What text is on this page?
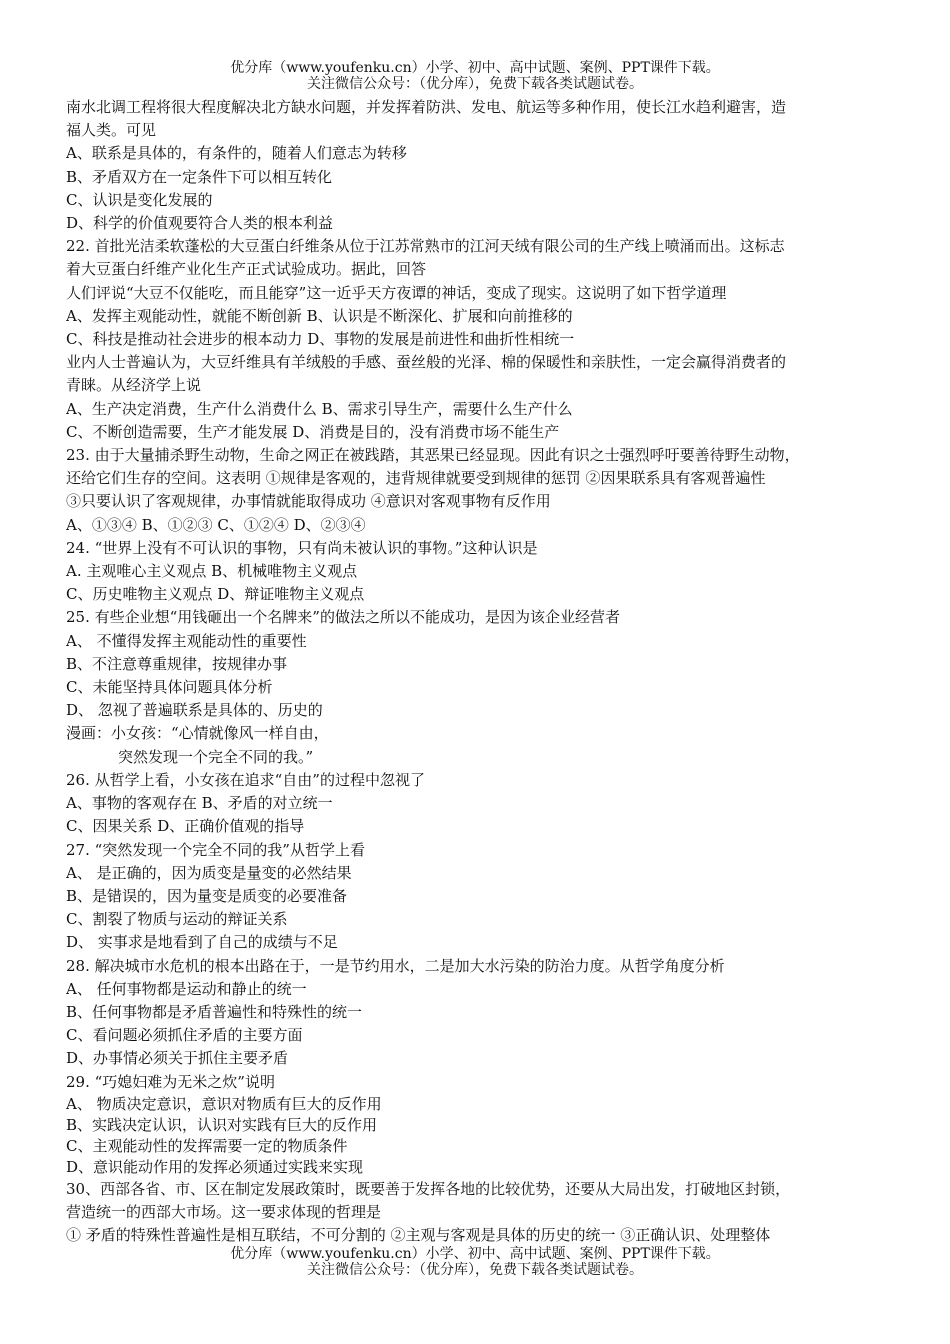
优分库（www.youfenku.cn）小学、初中、高中试题、案例、PPT课件下载。
关注微信公众号：（优分库），免费下载各类试题试卷。
南水北调工程将很大程度解决北方缺水问题，并发挥着防洪、发电、航运等多种作用，使长江水趋利避害，造
福人类。可见
A、联系是具体的，有条件的，随着人们意志为转移
B、矛盾双方在一定条件下可以相互转化
C、认识是变化发展的
D、科学的价值观要符合人类的根本利益
22. 首批光洁柔软蓬松的大豆蛋白纤维条从位于江苏常熟市的江河天绒有限公司的生产线上喷涌而出。这标志
着大豆蛋白纤维产业化生产正式试验成功。据此，回答
人们评说“大豆不仅能吃，而且能穿”这一近乎天方夜谭的神话，变成了现实。这说明了如下哲学道理
A、发挥主观能动性，就能不断创新 B、认识是不断深化、扩展和向前推移的
C、科技是推动社会进步的根本动力 D、事物的发展是前进性和曲折性相统一
业内人士普遍认为，大豆纤维具有羊绒般的手感、蚕丝般的光泽、棉的保暖性和亲肤性，一定会赢得消费者的
青睐。从经济学上说
A、生产决定消费，生产什么消费什么 B、需求引导生产，需要什么生产什么
C、不断创造需要，生产才能发展 D、消费是目的，没有消费市场不能生产
23. 由于大量捕杀野生动物，生命之网正在被践踏，其恶果已经显现。因此有识之士强烈呼吁要善待野生动物，
还给它们生存的空间。这表明 ①规律是客观的，违背规律就要受到规律的惩罚 ②因果联系具有客观普遍性
③只要认识了客观规律，办事情就能取得成功 ④意识对客观事物有反作用
A、①③④ B、①②③ C、①②④ D、②③④
24. “世界上没有不可认识的事物，只有尚未被认识的事物。”这种认识是
A. 主观唯心主义观点 B、机械唯物主义观点
C、历史唯物主义观点 D、辩证唯物主义观点
25. 有些企业想“用钱砸出一个名牌来”的做法之所以不能成功，是因为该企业经营者
A、 不懂得发挥主观能动性的重要性
B、不注意尊重规律，按规律办事
C、未能坚持具体问题具体分析
D、 忽视了普遍联系是具体的、历史的
漫画：小女孩：“心情就像风一样自由，
突然发现一个完全不同的我。”
26. 从哲学上看，小女孩在追求“自由”的过程中忽视了
A、事物的客观存在 B、矛盾的对立统一
C、因果关系 D、正确价值观的指导
27. “突然发现一个完全不同的我”从哲学上看
A、 是正确的，因为质变是量变的必然结果
B、是错误的，因为量变是质变的必要准备
C、割裂了物质与运动的辩证关系
D、 实事求是地看到了自己的成绩与不足
28. 解决城市水危机的根本出路在于，一是节约用水，二是加大水污染的防治力度。从哲学角度分析
A、 任何事物都是运动和静止的统一
B、任何事物都是矛盾普遍性和特殊性的统一
C、看问题必须抓住矛盾的主要方面
D、办事情必须关于抓住主要矛盾
29. “巧媳妇难为无米之炊”说明
A、 物质决定意识，意识对物质有巨大的反作用
B、实践决定认识，认识对实践有巨大的反作用
C、主观能动性的发挥需要一定的物质条件
D、意识能动作用的发挥必须通过实践来实现
30、西部各省、市、区在制定发展政策时，既要善于发挥各地的比较优势，还要从大局出发，打破地区封锁，
营造统一的西部大市场。这一要求体现的哲理是
① 矛盾的特殊性普遍性是相互联结，不可分割的 ②主观与客观是具体的历史的统一 ③正确认识、处理整体
优分库（www.youfenku.cn）小学、初中、高中试题、案例、PPT课件下载。
关注微信公众号：（优分库），免费下载各类试题试卷。
